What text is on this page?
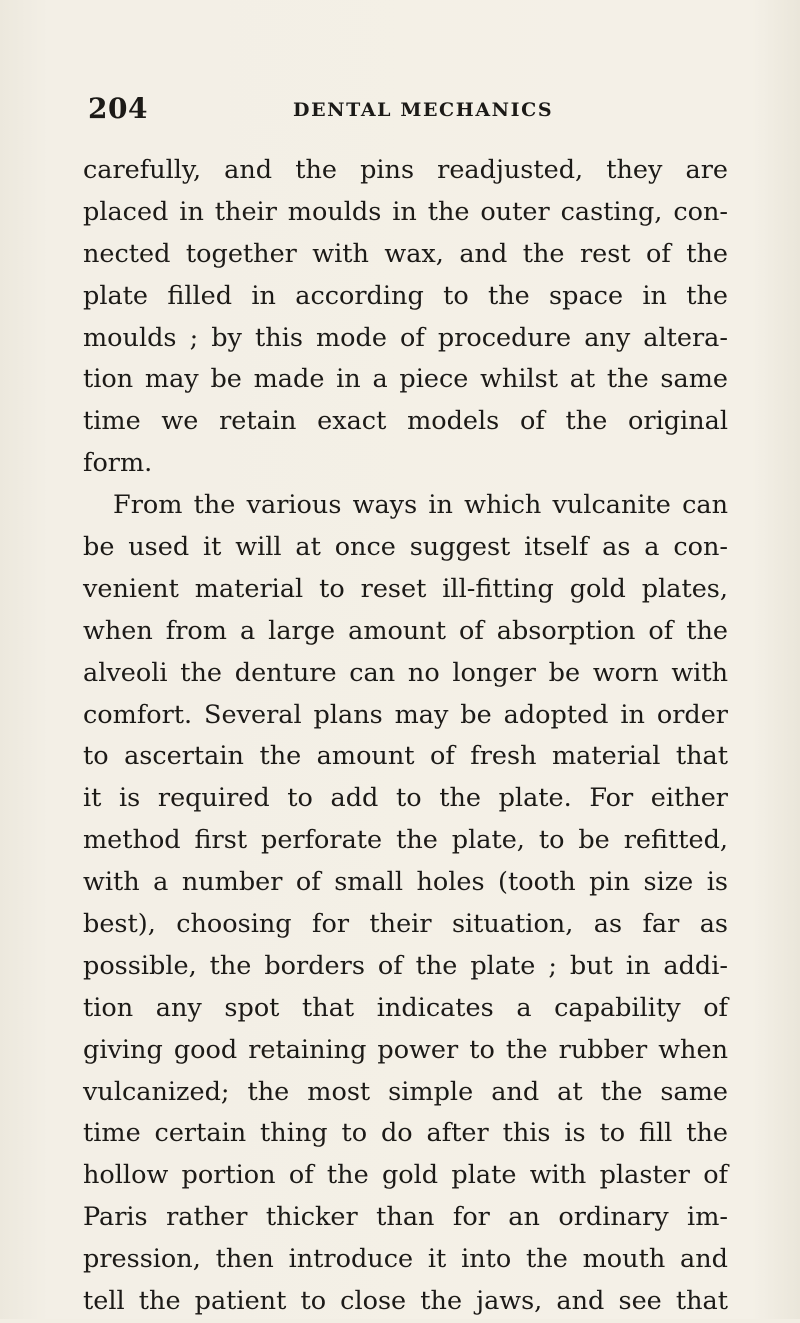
204	DENTAL MECHANICS
carefully, and the pins readjusted, they are
placed in their moulds in the outer casting, con-
nected together with wax, and the rest of the
plate filled in according to the space in the
moulds ; by this mode of procedure any altera-
tion may be made in a piece whilst at the same
time we retain exact models of the original
form.
From the various ways in which vulcanite can
be used it will at once suggest itself as a con-
venient material to reset ill-fitting gold plates,
when from a large amount of absorption of the
alveoli the denture can no longer be worn with
comfort. Several plans may be adopted in order
to ascertain the amount of fresh material that
it is required to add to the plate. For either
method first perforate the plate, to be refitted,
with a number of small holes (tooth pin size is
best), choosing for their situation, as far as
possible, the borders of the plate ; but in addi-
tion any spot that indicates a capability of
giving good retaining power to the rubber when
vulcanized; the most simple and at the same
time certain thing to do after this is to fill the
hollow portion of the gold plate with plaster of
Paris rather thicker than for an ordinary im-
pression, then introduce it into the mouth and
tell the patient to close the jaws, and see that
